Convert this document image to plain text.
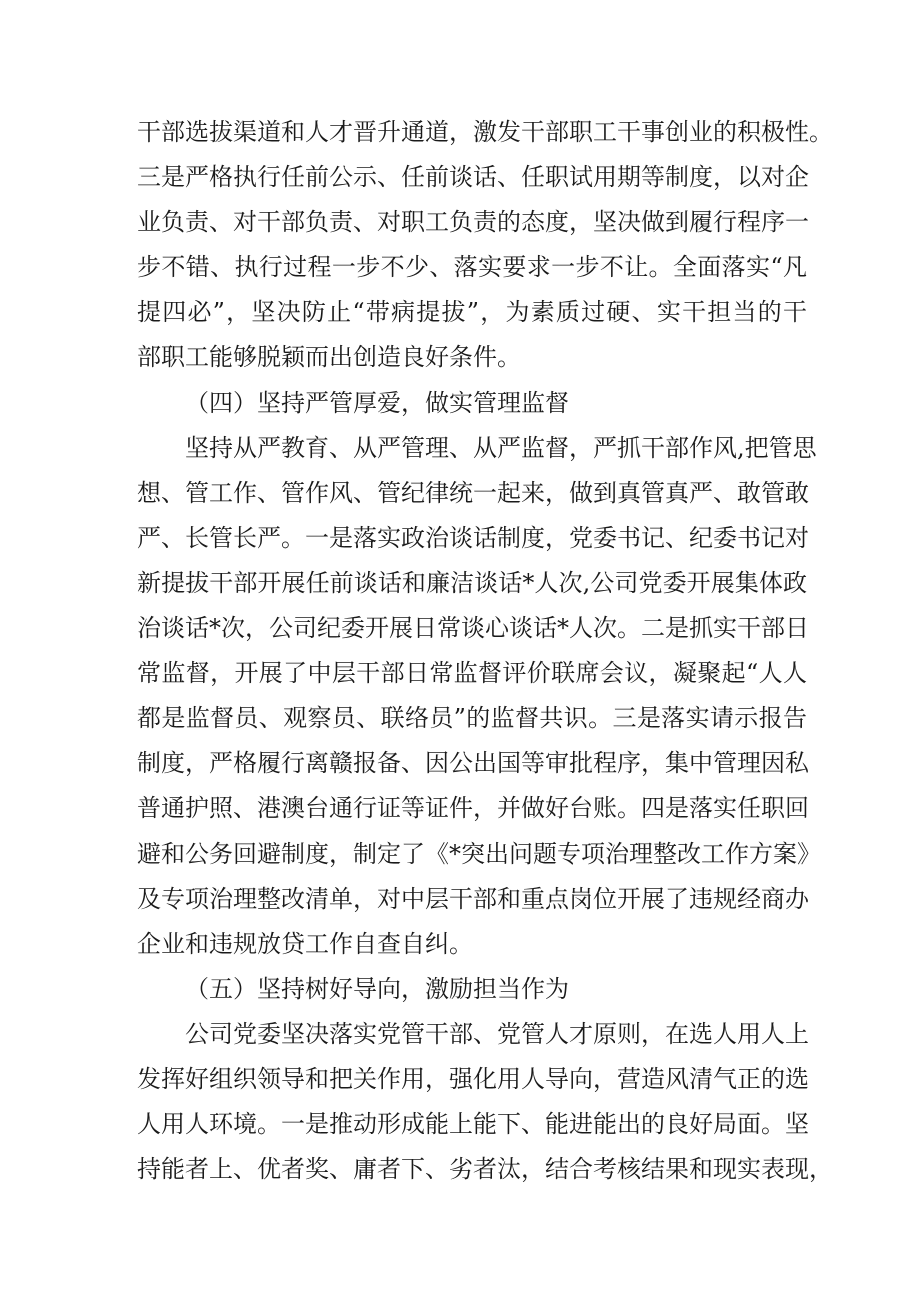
干部选拔渠道和人才晋升通道，激发干部职工干事创业的积极性。
三是严格执行任前公示、任前谈话、任职试用期等制度，以对企
业负责、对干部负责、对职工负责的态度，坚决做到履行程序一
步不错、执行过程一步不少、落实要求一步不让。全面落实“凡
提四必”，坚决防止“带病提拔”，为素质过硬、实干担当的干
部职工能够脱颖而出创造良好条件。
（四）坚持严管厚爱，做实管理监督
坚持从严教育、从严管理、从严监督，严抓干部作风,把管思
想、管工作、管作风、管纪律统一起来，做到真管真严、敢管敢
严、长管长严。一是落实政治谈话制度，党委书记、纪委书记对
新提拔干部开展任前谈话和廉洁谈话*人次,公司党委开展集体政
治谈话*次，公司纪委开展日常谈心谈话*人次。二是抓实干部日
常监督，开展了中层干部日常监督评价联席会议，凝聚起“人人
都是监督员、观察员、联络员”的监督共识。三是落实请示报告
制度，严格履行离赣报备、因公出国等审批程序，集中管理因私
普通护照、港澳台通行证等证件，并做好台账。四是落实任职回
避和公务回避制度，制定了《*突出问题专项治理整改工作方案》
及专项治理整改清单，对中层干部和重点岗位开展了违规经商办
企业和违规放贷工作自查自纠。
（五）坚持树好导向，激励担当作为
公司党委坚决落实党管干部、党管人才原则，在选人用人上
发挥好组织领导和把关作用，强化用人导向，营造风清气正的选
人用人环境。一是推动形成能上能下、能进能出的良好局面。坚
持能者上、优者奖、庸者下、劣者汰，结合考核结果和现实表现，
